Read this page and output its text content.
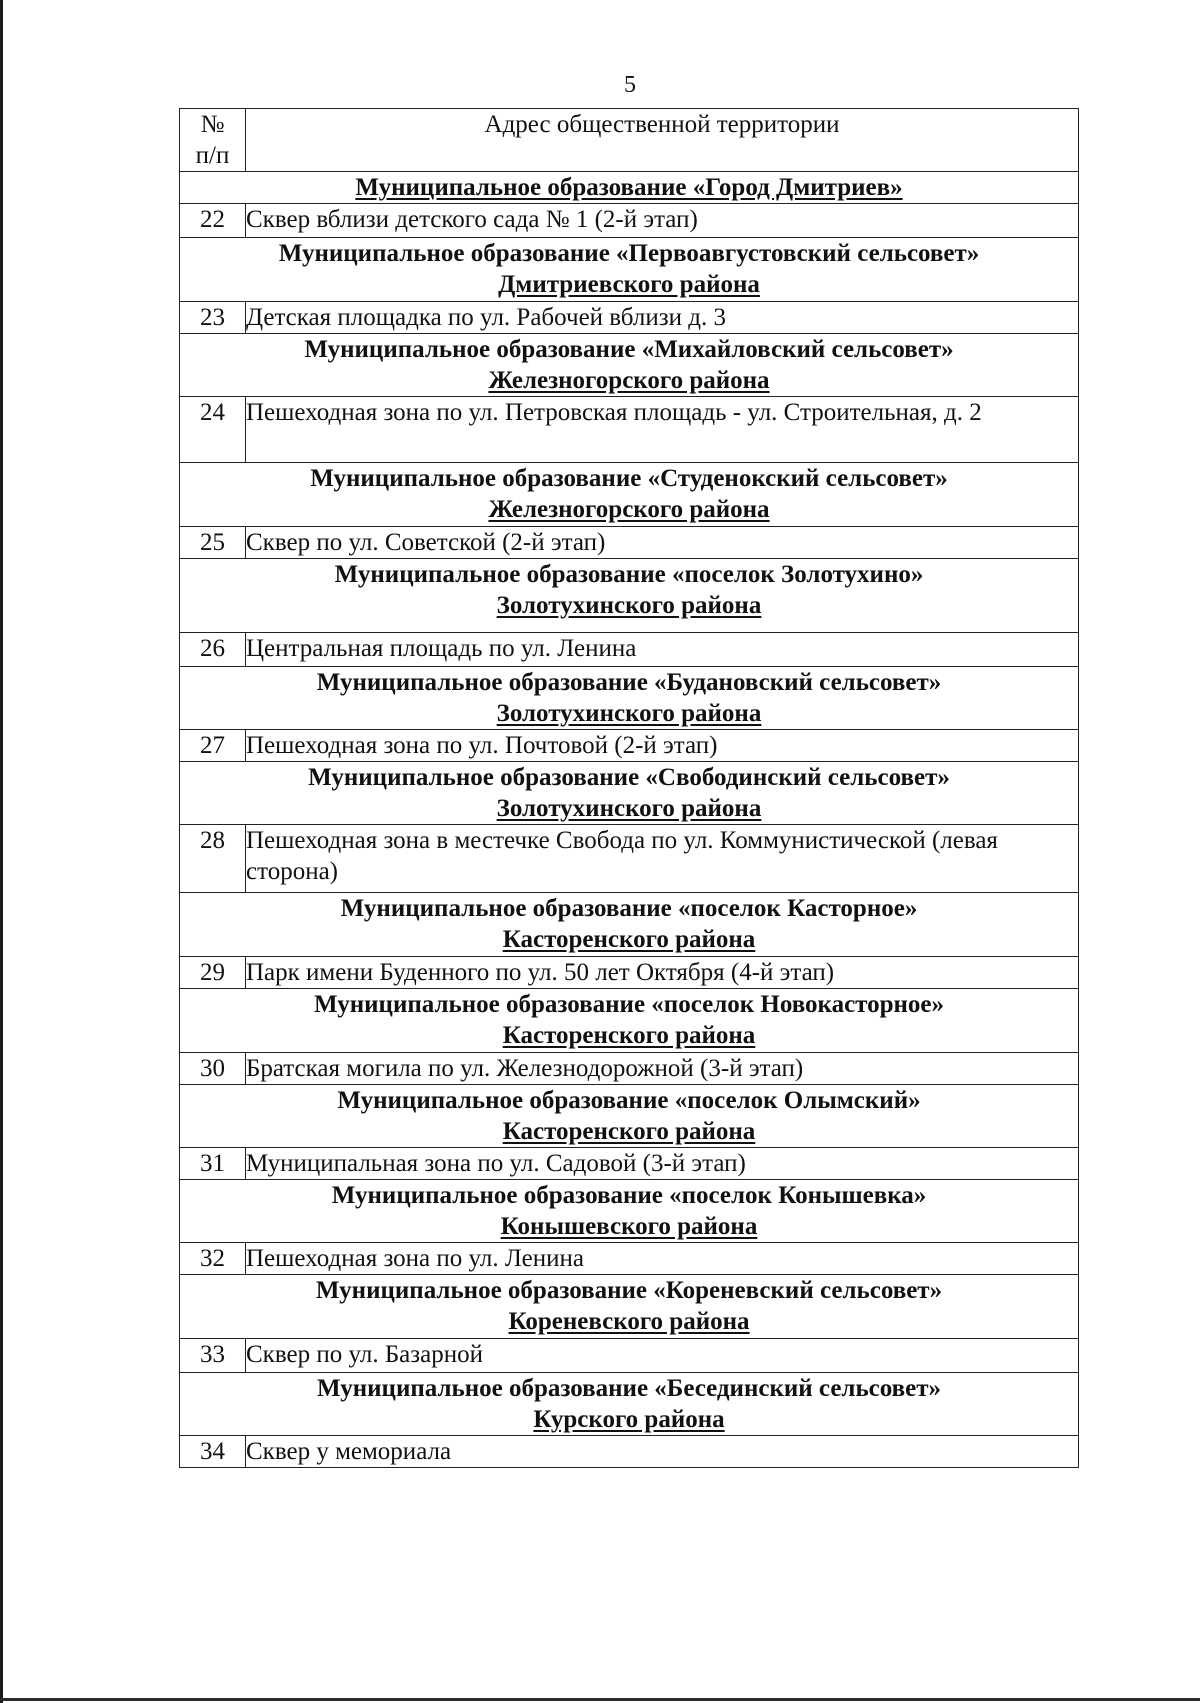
5
№
п/п	Адрес общественной территории

Муниципальное образование «Город Дмитриев»	

22	Сквер вблизи детского сада № 1 (2-й этап)

Муниципальное образование «Первоавгустовский сельсовет»
Дмитриевского района	

23	Детская площадка по ул. Рабочей вблизи д. 3

Муниципальное образование «Михайловский сельсовет»
Железногорского района	

24	Пешеходная зона по ул. Петровская площадь - ул. Строительная, д. 2

Муниципальное образование «Студенокский сельсовет»
Железногорского района	

25	Сквер по ул. Советской (2-й этап)

Муниципальное образование «поселок Золотухино»
Золотухинского района	

26	Центральная площадь по ул. Ленина

Муниципальное образование «Будановский сельсовет»
Золотухинского района	

27	Пешеходная зона по ул. Почтовой (2-й этап)

Муниципальное образование «Свободинский сельсовет»
Золотухинского района	

28	Пешеходная зона в местечке Свобода по ул. Коммунистической (левая сторона)

Муниципальное образование «поселок Касторное»
Касторенского района	

29	Парк имени Буденного по ул. 50 лет Октября (4-й этап)

Муниципальное образование «поселок Новокасторное»
Касторенского района	

30	Братская могила по ул. Железнодорожной (3-й этап)

Муниципальное образование «поселок Олымский»
Касторенского района	

31	Муниципальная зона по ул. Садовой (3-й этап)

Муниципальное образование «поселок Конышевка»
Конышевского района	

32	Пешеходная зона по ул. Ленина

Муниципальное образование «Кореневский сельсовет»
Кореневского района	

33	Сквер по ул. Базарной

Муниципальное образование «Бесединский сельсовет»
Курского района	

34	Сквер у мемориала
